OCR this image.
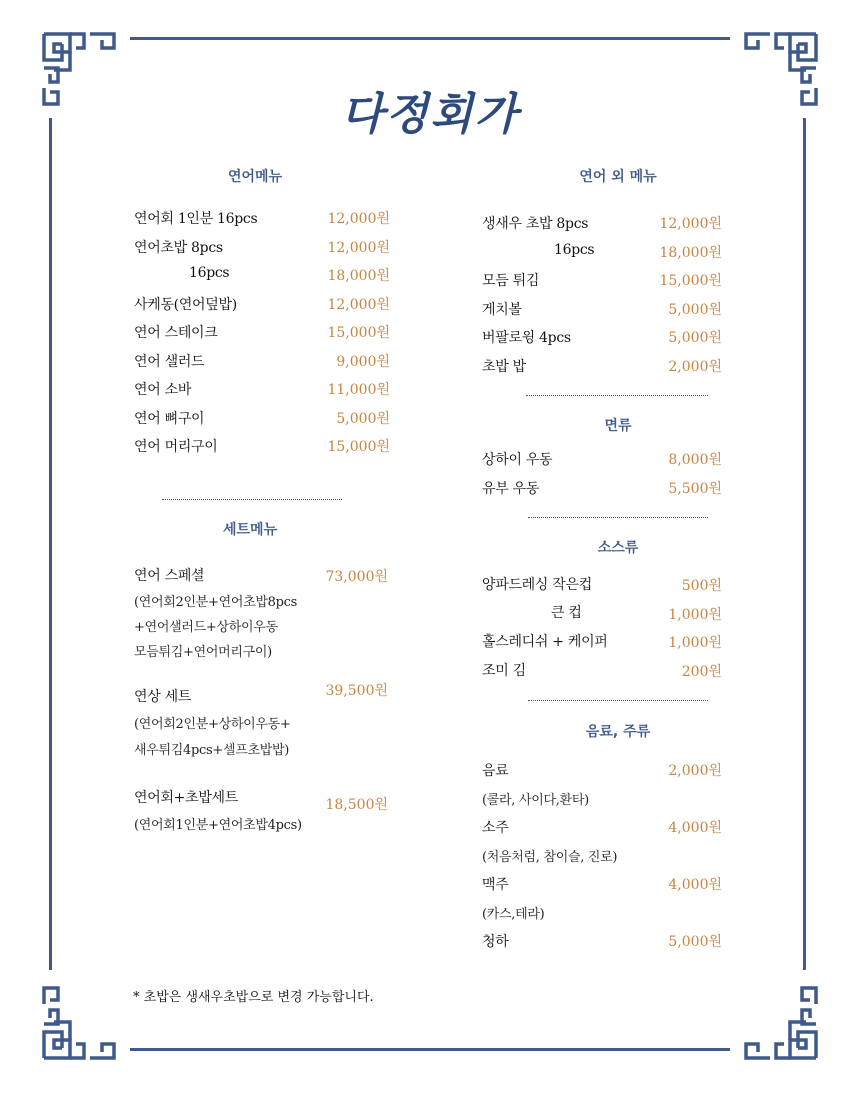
다정회가
연어메뉴
연어회 1인분 16pcs	12,000원
연어초밥 8pcs	12,000원
16pcs	18,000원
사케동(연어덮밥)	12,000원
연어 스테이크	15,000원
연어 샐러드	9,000원
연어 소바	11,000원
연어 뼈구이	5,000원
연어 머리구이	15,000원
세트메뉴
연어 스페셜	73,000원
(연어회2인분+연어초밥8pcs
+연어샐러드+상하이우동
모듬튀김+연어머리구이)
연상 세트	39,500원
(연어회2인분+상하이우동+
새우튀김4pcs+셀프초밥밥)
연어회+초밥세트	18,500원
(연어회1인분+연어초밥4pcs)
연어 외 메뉴
생새우 초밥 8pcs	12,000원
16pcs	18,000원
모듬 튀김	15,000원
게치볼	5,000원
버팔로윙 4pcs	5,000원
초밥 밥	2,000원
면류
상하이 우동	8,000원
유부 우동	5,500원
소스류
양파드레싱 작은컵	500원
큰 컵	1,000원
홀스레디쉬 + 케이퍼	1,000원
조미 김	200원
음료, 주류
음료	2,000원
(콜라, 사이다,환타)
소주	4,000원
(처음처럼, 참이슬, 진로)
맥주	4,000원
(카스,테라)
청하	5,000원
* 초밥은 생새우초밥으로 변경 가능합니다.
